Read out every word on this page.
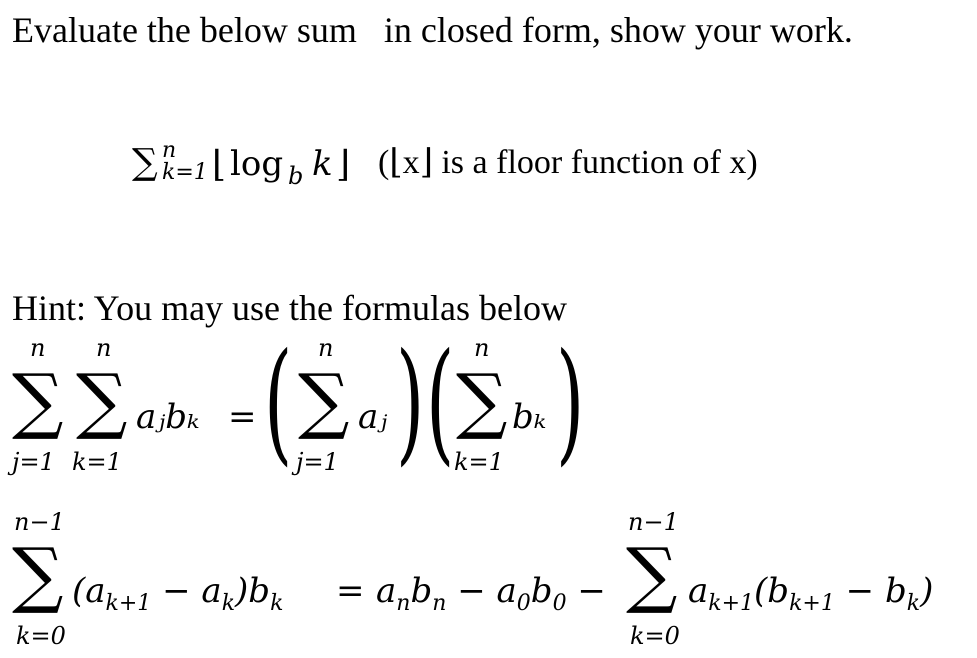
Evaluate the below sum in closed form, show your work.
∑ n
k=1 ⌊ log b k ⌋ (⌊x⌋ is a floor function of x)
Hint: You may use the formulas below
n
∑
j=1
n
∑
k=1
aⱼbₖ = ( n
∑
j=1
aⱼ ) ( n
∑
k=1
bₖ )
n−1
∑
k=0
$(a_{k+1} - a_k)b_k = a_nb_n - a_0b_0$ −
n−1
∑
k=0
$a_{k+1}(b_{k+1} - b_k)$
